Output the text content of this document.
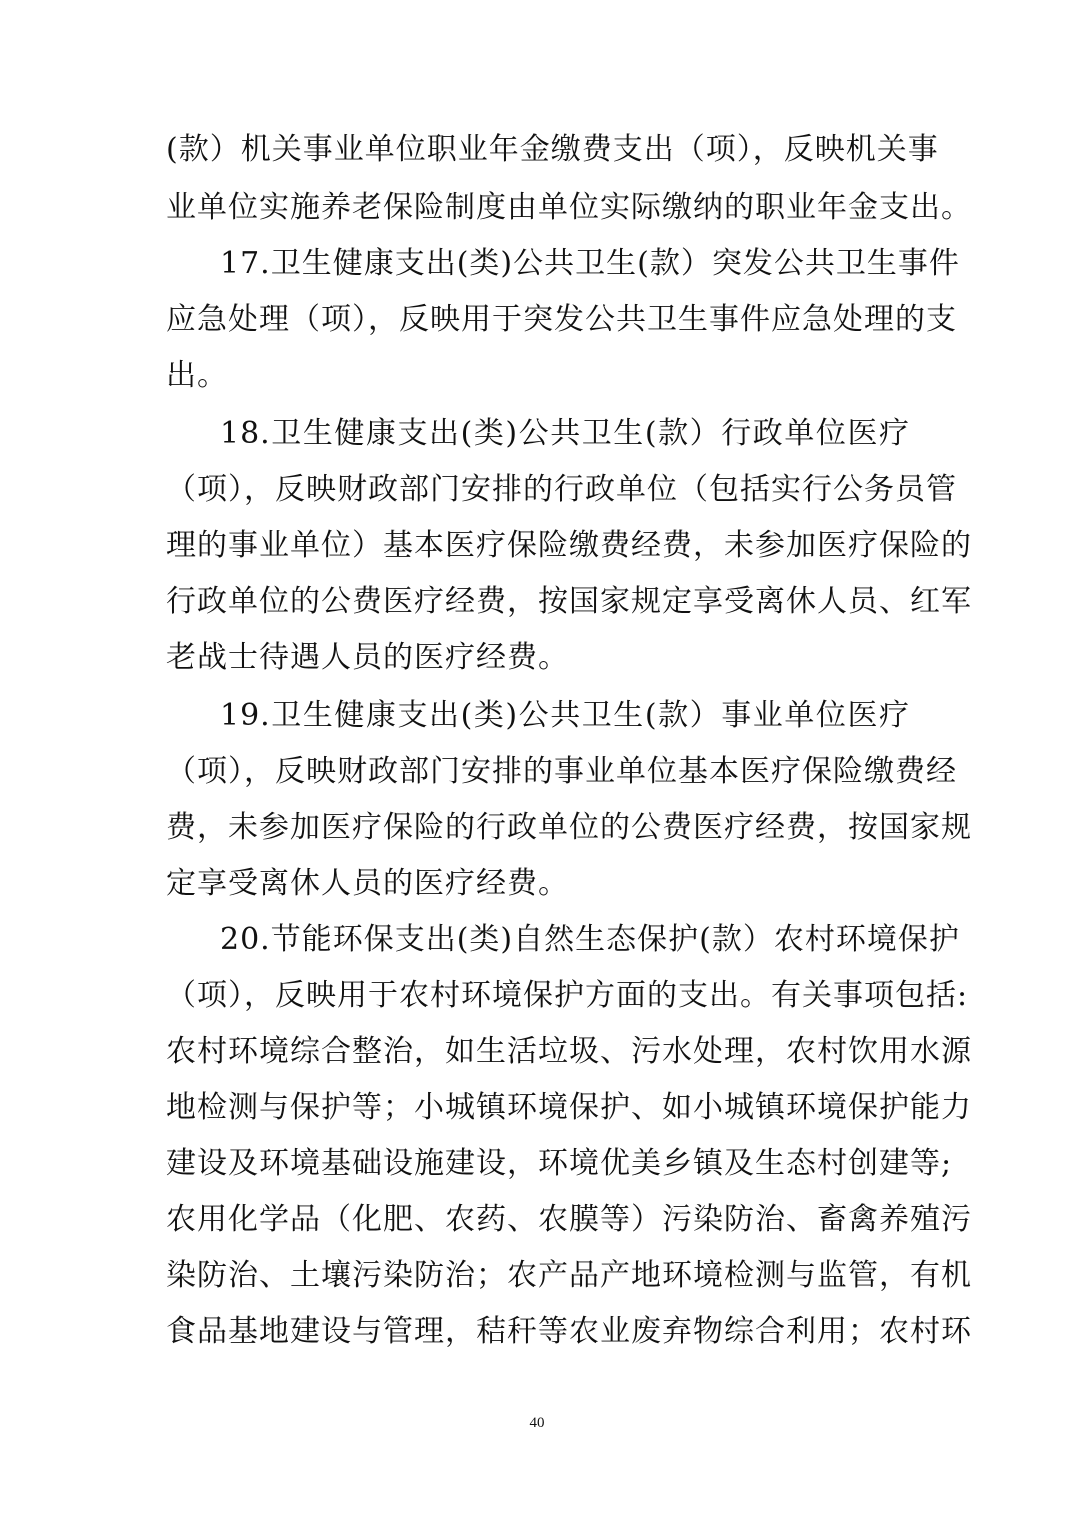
(款）机关事业单位职业年金缴费支出（项），反映机关事
业单位实施养老保险制度由单位实际缴纳的职业年金支出。
17.卫生健康支出(类)公共卫生(款）突发公共卫生事件
应急处理（项），反映用于突发公共卫生事件应急处理的支
出。
18.卫生健康支出(类)公共卫生(款）行政单位医疗
（项），反映财政部门安排的行政单位（包括实行公务员管
理的事业单位）基本医疗保险缴费经费，未参加医疗保险的
行政单位的公费医疗经费，按国家规定享受离休人员、红军
老战士待遇人员的医疗经费。
19.卫生健康支出(类)公共卫生(款）事业单位医疗
（项），反映财政部门安排的事业单位基本医疗保险缴费经
费，未参加医疗保险的行政单位的公费医疗经费，按国家规
定享受离休人员的医疗经费。
20.节能环保支出(类)自然生态保护(款）农村环境保护
（项），反映用于农村环境保护方面的支出。有关事项包括:
农村环境综合整治，如生活垃圾、污水处理，农村饮用水源
地检测与保护等；小城镇环境保护、如小城镇环境保护能力
建设及环境基础设施建设，环境优美乡镇及生态村创建等;
农用化学品（化肥、农药、农膜等）污染防治、畜禽养殖污
染防治、土壤污染防治；农产品产地环境检测与监管，有机
食品基地建设与管理，秸秆等农业废弃物综合利用；农村环
40
